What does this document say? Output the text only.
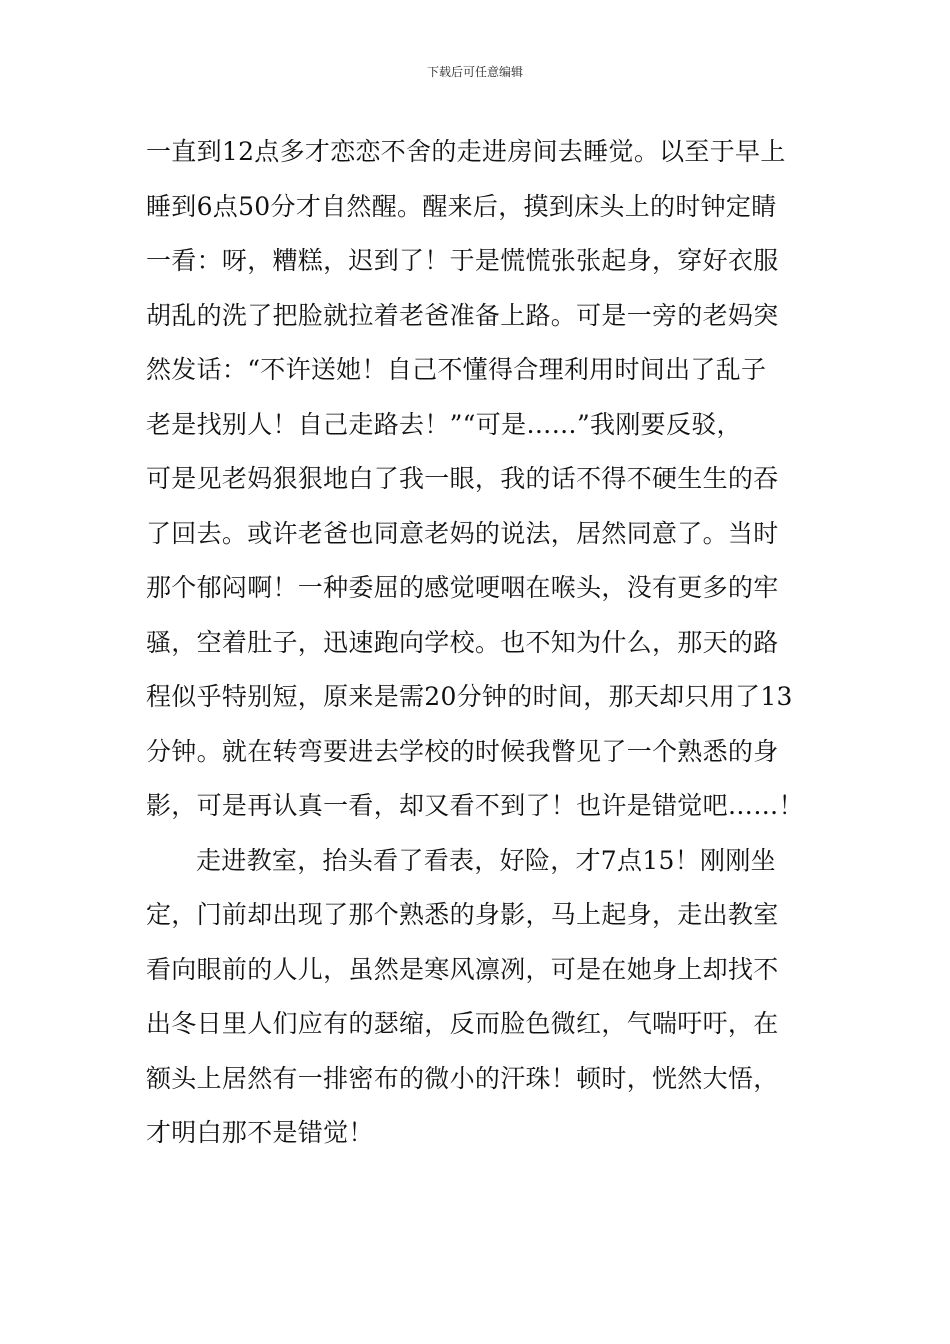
下载后可任意编辑
一直到12点多才恋恋不舍的走进房间去睡觉。以至于早上
睡到6点50分才自然醒。醒来后，摸到床头上的时钟定睛
一看：呀，糟糕，迟到了！于是慌慌张张起身，穿好衣服
胡乱的洗了把脸就拉着老爸准备上路。可是一旁的老妈突
然发话：“不许送她！自己不懂得合理利用时间出了乱子
老是找别人！自己走路去！”“可是……”我刚要反驳，
可是见老妈狠狠地白了我一眼，我的话不得不硬生生的吞
了回去。或许老爸也同意老妈的说法，居然同意了。当时
那个郁闷啊！一种委屈的感觉哽咽在喉头，没有更多的牢
骚，空着肚子，迅速跑向学校。也不知为什么，那天的路
程似乎特别短，原来是需20分钟的时间，那天却只用了13
分钟。就在转弯要进去学校的时候我瞥见了一个熟悉的身
影，可是再认真一看，却又看不到了！也许是错觉吧……！
走进教室，抬头看了看表，好险，才7点15！刚刚坐
定，门前却出现了那个熟悉的身影，马上起身，走出教室
看向眼前的人儿，虽然是寒风凛冽，可是在她身上却找不
出冬日里人们应有的瑟缩，反而脸色微红，气喘吁吁，在
额头上居然有一排密布的微小的汗珠！顿时，恍然大悟，
才明白那不是错觉！
